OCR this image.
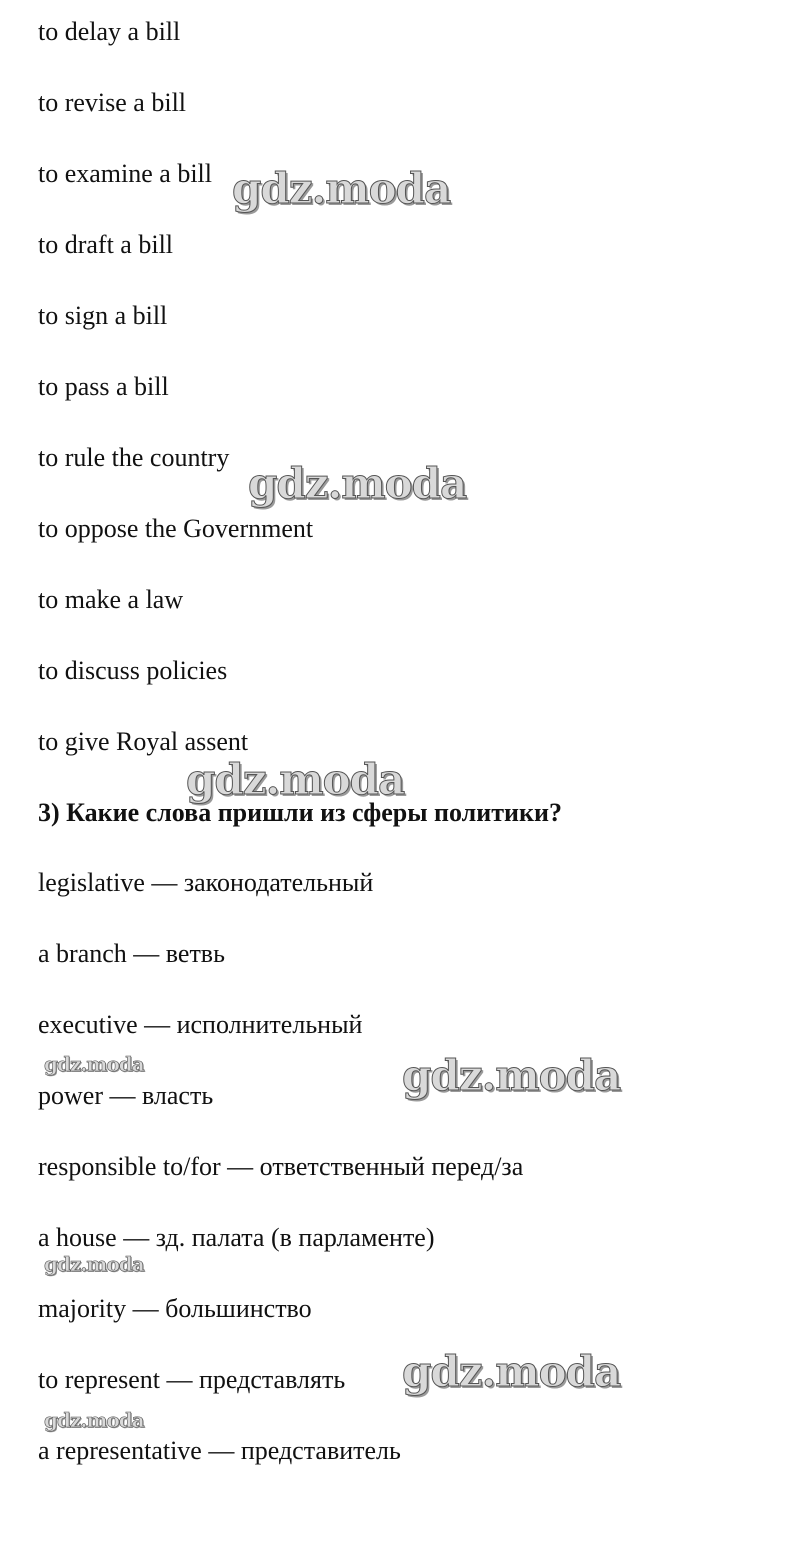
to delay a bill
to revise a bill
to examine a bill
to draft a bill
to sign a bill
to pass a bill
to rule the country
to oppose the Government
to make a law
to discuss policies
to give Royal assent
3) Какие слова пришли из сферы политики?
legislative — законодательный
a branch — ветвь
executive — исполнительный
power — власть
responsible to/for — ответственный перед/за
a house — зд. палата (в парламенте)
majority — большинство
to represent — представлять
a representative — представитель
gdz.moda
gdz.moda
gdz.moda
gdz.moda	gdz.moda
gdz.moda
gdz.moda
gdz.moda
